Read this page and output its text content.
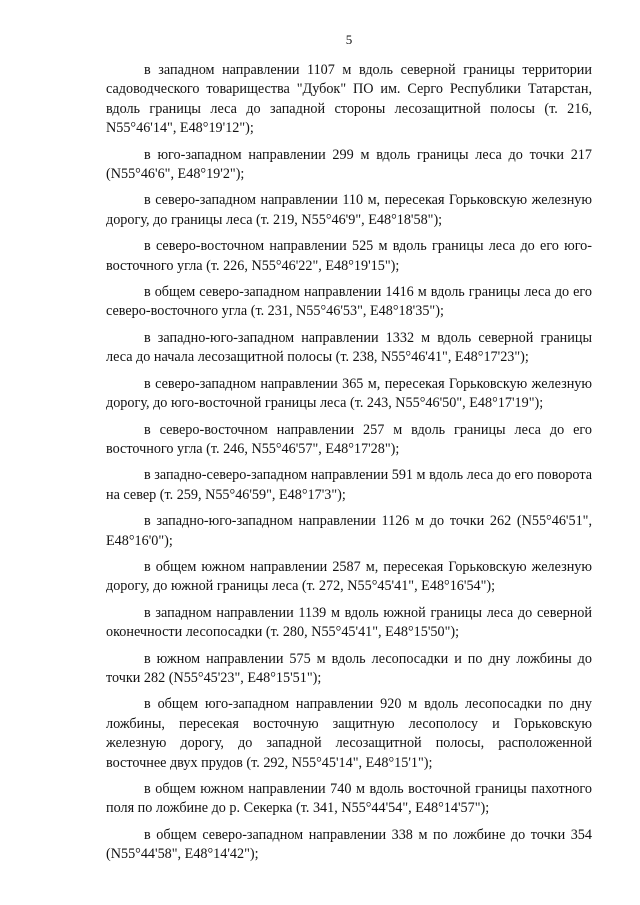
5

в западном направлении 1107 м вдоль северной границы территории садоводческого товарищества "Дубок" ПО им. Серго Республики Татарстан, вдоль границы леса до западной стороны лесозащитной полосы (т. 216, N55°46'14", E48°19'12");

в юго-западном направлении 299 м вдоль границы леса до точки 217 (N55°46'6", E48°19'2");

в северо-западном направлении 110 м, пересекая Горьковскую железную дорогу, до границы леса (т. 219, N55°46'9", E48°18'58");

в северо-восточном направлении 525 м вдоль границы леса до его юго-восточного угла (т. 226, N55°46'22", E48°19'15");

в общем северо-западном направлении 1416 м вдоль границы леса до его северо-восточного угла (т. 231, N55°46'53", E48°18'35");

в западно-юго-западном направлении 1332 м вдоль северной границы леса до начала лесозащитной полосы (т. 238, N55°46'41", E48°17'23");

в северо-западном направлении 365 м, пересекая Горьковскую железную дорогу, до юго-восточной границы леса (т. 243, N55°46'50", E48°17'19");

в северо-восточном направлении 257 м вдоль границы леса до его восточного угла (т. 246, N55°46'57", E48°17'28");

в западно-северо-западном направлении 591 м вдоль леса до его поворота на север (т. 259, N55°46'59", E48°17'3");

в западно-юго-западном направлении 1126 м до точки 262 (N55°46'51", E48°16'0");

в общем южном направлении 2587 м, пересекая Горьковскую железную дорогу, до южной границы леса (т. 272, N55°45'41", E48°16'54");

в западном направлении 1139 м вдоль южной границы леса до северной оконечности лесопосадки (т. 280, N55°45'41", E48°15'50");

в южном направлении 575 м вдоль лесопосадки и по дну ложбины до точки 282 (N55°45'23", E48°15'51");

в общем юго-западном направлении 920 м вдоль лесопосадки по дну ложбины, пересекая восточную защитную лесополосу и Горьковскую железную дорогу, до западной лесозащитной полосы, расположенной восточнее двух прудов (т. 292, N55°45'14", E48°15'1");

в общем южном направлении 740 м вдоль восточной границы пахотного поля по ложбине до р. Секерка (т. 341, N55°44'54", E48°14'57");

в общем северо-западном направлении 338 м по ложбине до точки 354 (N55°44'58", E48°14'42");
